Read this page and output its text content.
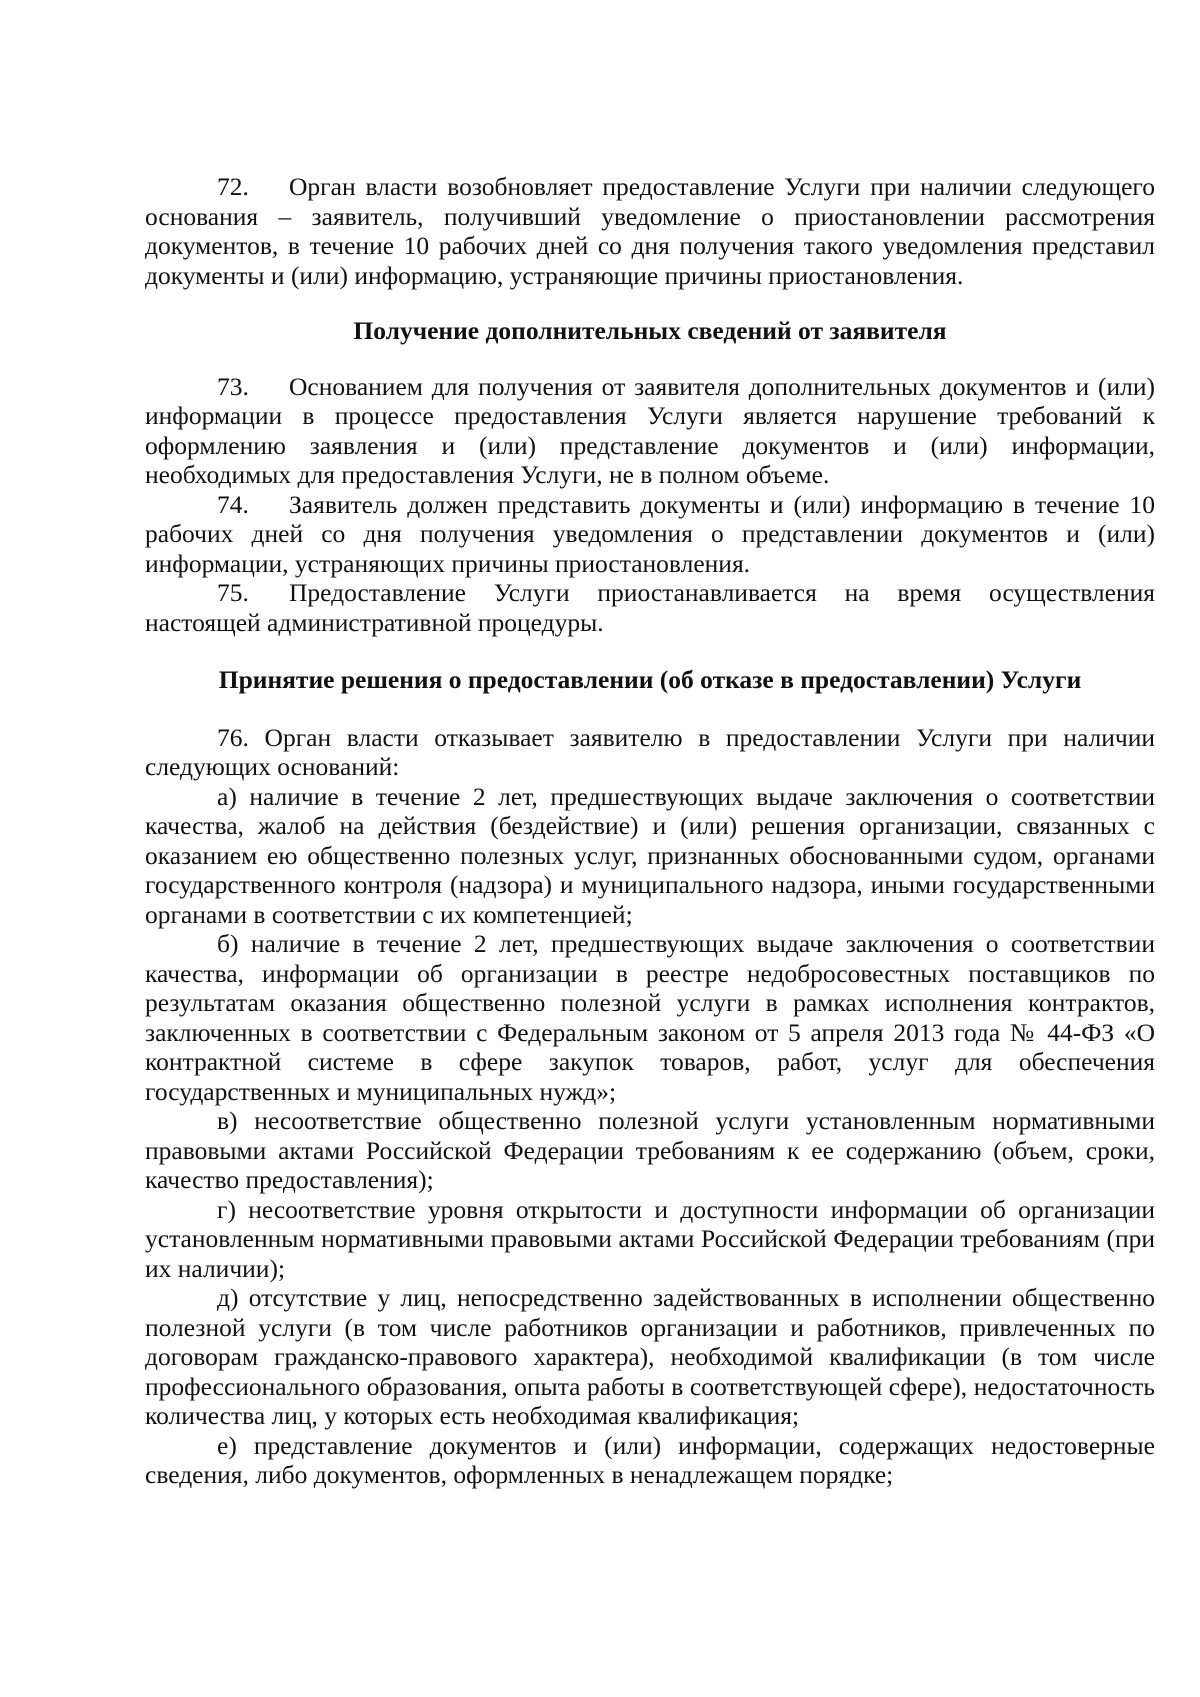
72. Орган власти возобновляет предоставление Услуги при наличии следующего основания – заявитель, получивший уведомление о приостановлении рассмотрения документов, в течение 10 рабочих дней со дня получения такого уведомления представил документы и (или) информацию, устраняющие причины приостановления.

Получение дополнительных сведений от заявителя

73. Основанием для получения от заявителя дополнительных документов и (или) информации в процессе предоставления Услуги является нарушение требований к оформлению заявления и (или) представление документов и (или) информации, необходимых для предоставления Услуги, не в полном объеме.

74. Заявитель должен представить документы и (или) информацию в течение 10 рабочих дней со дня получения уведомления о представлении документов и (или) информации, устраняющих причины приостановления.

75. Предоставление Услуги приостанавливается на время осуществления настоящей административной процедуры.

Принятие решения о предоставлении (об отказе в предоставлении) Услуги

76. Орган власти отказывает заявителю в предоставлении Услуги при наличии следующих оснований:

а) наличие в течение 2 лет, предшествующих выдаче заключения о соответствии качества, жалоб на действия (бездействие) и (или) решения организации, связанных с оказанием ею общественно полезных услуг, признанных обоснованными судом, органами государственного контроля (надзора) и муниципального надзора, иными государственными органами в соответствии с их компетенцией;

б) наличие в течение 2 лет, предшествующих выдаче заключения о соответствии качества, информации об организации в реестре недобросовестных поставщиков по результатам оказания общественно полезной услуги в рамках исполнения контрактов, заключенных в соответствии с Федеральным законом от 5 апреля 2013 года № 44-ФЗ «О контрактной системе в сфере закупок товаров, работ, услуг для обеспечения государственных и муниципальных нужд»;

в) несоответствие общественно полезной услуги установленным нормативными правовыми актами Российской Федерации требованиям к ее содержанию (объем, сроки, качество предоставления);

г) несоответствие уровня открытости и доступности информации об организации установленным нормативными правовыми актами Российской Федерации требованиям (при их наличии);

д) отсутствие у лиц, непосредственно задействованных в исполнении общественно полезной услуги (в том числе работников организации и работников, привлеченных по договорам гражданско-правового характера), необходимой квалификации (в том числе профессионального образования, опыта работы в соответствующей сфере), недостаточность количества лиц, у которых есть необходимая квалификация;

е) представление документов и (или) информации, содержащих недостоверные сведения, либо документов, оформленных в ненадлежащем порядке;
